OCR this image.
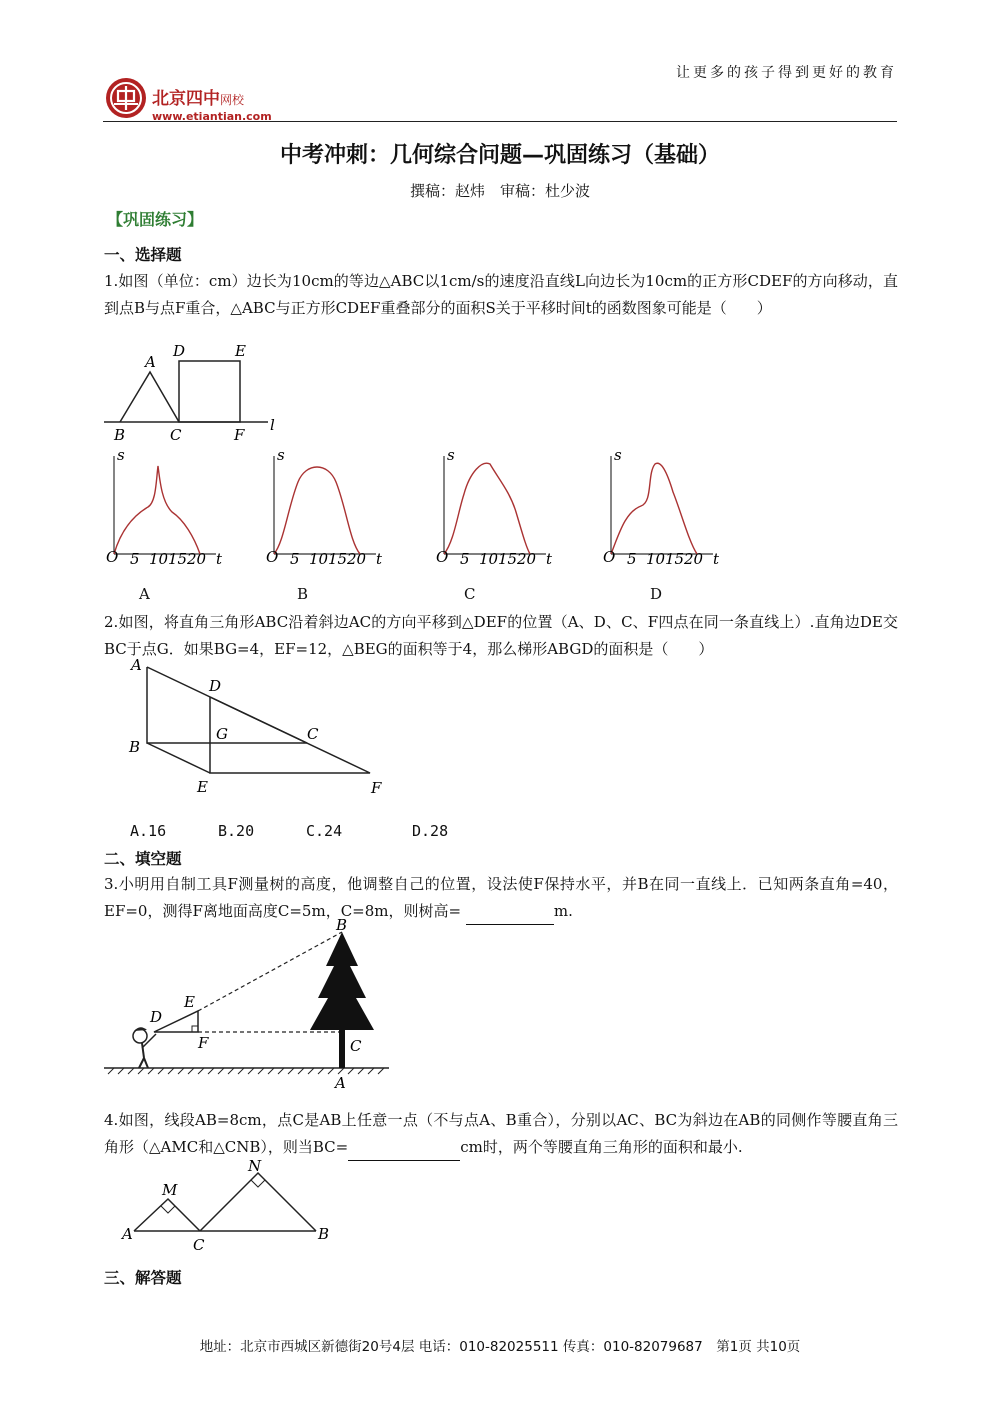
让更多的孩子得到更好的教育
北京四中网校
www.etiantian.com
中考冲刺：几何综合问题—巩固练习（基础）
撰稿：赵炜　审稿：杜少波
【巩固练习】
一、选择题
1.如图（单位：cm）边长为10cm的等边△ABC以1cm/s的速度沿直线L向边长为10cm的正方形CDEF的方向移动，直到点B与点F重合，△ABC与正方形CDEF重叠部分的面积S关于平移时间t的函数图象可能是（　　）
A
D	E
B	C	F
l
s
t
O 5 10 15 20
s
t
O 5 10 15 20
s
t
O 5 10 15 20
s
t
O 5 10 15 20
A	B	C	D
2.如图，将直角三角形ABC沿着斜边AC的方向平移到△DEF的位置（A、D、C、F四点在同一条直线上）.直角边DE交BC于点G．如果BG=4，EF=12，△BEG的面积等于4，那么梯形ABGD的面积是（　　）
A
D
G	C
B
E	F
A.16	B.20	C.24	D.28
二、填空题
3.小明用自制工具F测量树的高度，他调整自己的位置，设法使F保持水平，并B在同一直线上．已知两条直角=40，EF=0，测得F离地面高度C=5m，C=8m，则树高=	m.
B
E
D
F	C
A
4.如图，线段AB=8cm，点C是AB上任意一点（不与点A、B重合），分别以AC、BC为斜边在AB的同侧作等腰直角三角形（△AMC和△CNB），则当BC=	cm时，两个等腰直角三角形的面积和最小.
A
M
N
C
B
三、解答题
地址：北京市西城区新德街20号4层 电话：010-82025511 传真：010-82079687　第1页 共10页
